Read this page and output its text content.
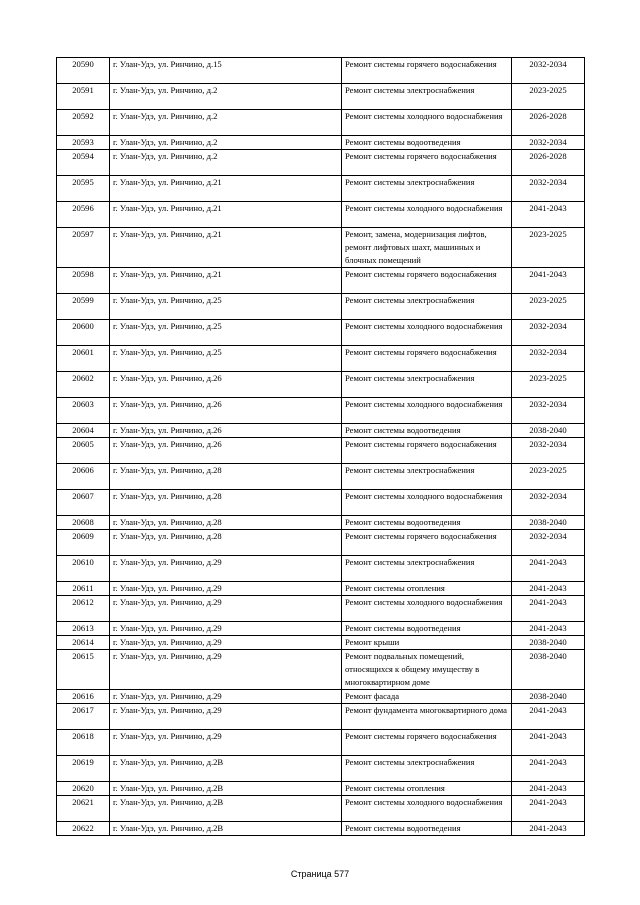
20590	г. Улан-Удэ, ул. Ринчино, д.15	Ремонт системы горячего водоснабжения	2032-2034
20591	г. Улан-Удэ, ул. Ринчино, д.2	Ремонт системы электроснабжения	2023-2025
20592	г. Улан-Удэ, ул. Ринчино, д.2	Ремонт системы холодного водоснабжения	2026-2028
20593	г. Улан-Удэ, ул. Ринчино, д.2	Ремонт системы водоотведения	2032-2034
20594	г. Улан-Удэ, ул. Ринчино, д.2	Ремонт системы горячего водоснабжения	2026-2028
20595	г. Улан-Удэ, ул. Ринчино, д.21	Ремонт системы электроснабжения	2032-2034
20596	г. Улан-Удэ, ул. Ринчино, д.21	Ремонт системы холодного водоснабжения	2041-2043
20597	г. Улан-Удэ, ул. Ринчино, д.21	Ремонт, замена, модернизация лифтов, ремонт лифтовых шахт, машинных и блочных помещений	2023-2025
20598	г. Улан-Удэ, ул. Ринчино, д.21	Ремонт системы горячего водоснабжения	2041-2043
20599	г. Улан-Удэ, ул. Ринчино, д.25	Ремонт системы электроснабжения	2023-2025
20600	г. Улан-Удэ, ул. Ринчино, д.25	Ремонт системы холодного водоснабжения	2032-2034
20601	г. Улан-Удэ, ул. Ринчино, д.25	Ремонт системы горячего водоснабжения	2032-2034
20602	г. Улан-Удэ, ул. Ринчино, д.26	Ремонт системы электроснабжения	2023-2025
20603	г. Улан-Удэ, ул. Ринчино, д.26	Ремонт системы холодного водоснабжения	2032-2034
20604	г. Улан-Удэ, ул. Ринчино, д.26	Ремонт системы водоотведения	2038-2040
20605	г. Улан-Удэ, ул. Ринчино, д.26	Ремонт системы горячего водоснабжения	2032-2034
20606	г. Улан-Удэ, ул. Ринчино, д.28	Ремонт системы электроснабжения	2023-2025
20607	г. Улан-Удэ, ул. Ринчино, д.28	Ремонт системы холодного водоснабжения	2032-2034
20608	г. Улан-Удэ, ул. Ринчино, д.28	Ремонт системы водоотведения	2038-2040
20609	г. Улан-Удэ, ул. Ринчино, д.28	Ремонт системы горячего водоснабжения	2032-2034
20610	г. Улан-Удэ, ул. Ринчино, д.29	Ремонт системы электроснабжения	2041-2043
20611	г. Улан-Удэ, ул. Ринчино, д.29	Ремонт системы отопления	2041-2043
20612	г. Улан-Удэ, ул. Ринчино, д.29	Ремонт системы холодного водоснабжения	2041-2043
20613	г. Улан-Удэ, ул. Ринчино, д.29	Ремонт системы водоотведения	2041-2043
20614	г. Улан-Удэ, ул. Ринчино, д.29	Ремонт крыши	2038-2040
20615	г. Улан-Удэ, ул. Ринчино, д.29	Ремонт подвальных помещений, относящихся к общему имуществу в многоквартирном доме	2038-2040
20616	г. Улан-Удэ, ул. Ринчино, д.29	Ремонт фасада	2038-2040
20617	г. Улан-Удэ, ул. Ринчино, д.29	Ремонт фундамента многоквартирного дома	2041-2043
20618	г. Улан-Удэ, ул. Ринчино, д.29	Ремонт системы горячего водоснабжения	2041-2043
20619	г. Улан-Удэ, ул. Ринчино, д.2В	Ремонт системы электроснабжения	2041-2043
20620	г. Улан-Удэ, ул. Ринчино, д.2В	Ремонт системы отопления	2041-2043
20621	г. Улан-Удэ, ул. Ринчино, д.2В	Ремонт системы холодного водоснабжения	2041-2043
20622	г. Улан-Удэ, ул. Ринчино, д.2В	Ремонт системы водоотведения	2041-2043
Страница 577
